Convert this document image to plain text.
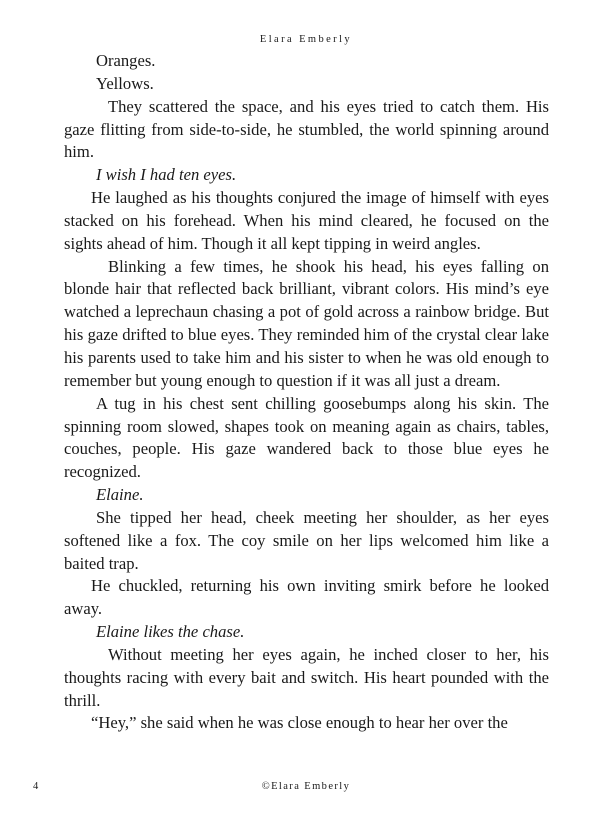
Elara Emberly

Oranges.

Yellows.

They scattered the space, and his eyes tried to catch them. His gaze flitting from side-to-side, he stumbled, the world spinning around him.

I wish I had ten eyes.

He laughed as his thoughts conjured the image of himself with eyes stacked on his forehead. When his mind cleared, he focused on the sights ahead of him. Though it all kept tipping in weird angles.

Blinking a few times, he shook his head, his eyes falling on blonde hair that reflected back brilliant, vibrant colors. His mind’s eye watched a leprechaun chasing a pot of gold across a rainbow bridge. But his gaze drifted to blue eyes. They reminded him of the crystal clear lake his parents used to take him and his sister to when he was old enough to remember but young enough to question if it was all just a dream.

A tug in his chest sent chilling goosebumps along his skin. The spinning room slowed, shapes took on meaning again as chairs, tables, couches, people. His gaze wandered back to those blue eyes he recognized.

Elaine.

She tipped her head, cheek meeting her shoulder, as her eyes softened like a fox. The coy smile on her lips welcomed him like a baited trap.

He chuckled, returning his own inviting smirk before he looked away.

Elaine likes the chase.

Without meeting her eyes again, he inched closer to her, his thoughts racing with every bait and switch. His heart pounded with the thrill.

“Hey,” she said when he was close enough to hear her over the

4	©Elara Emberly
